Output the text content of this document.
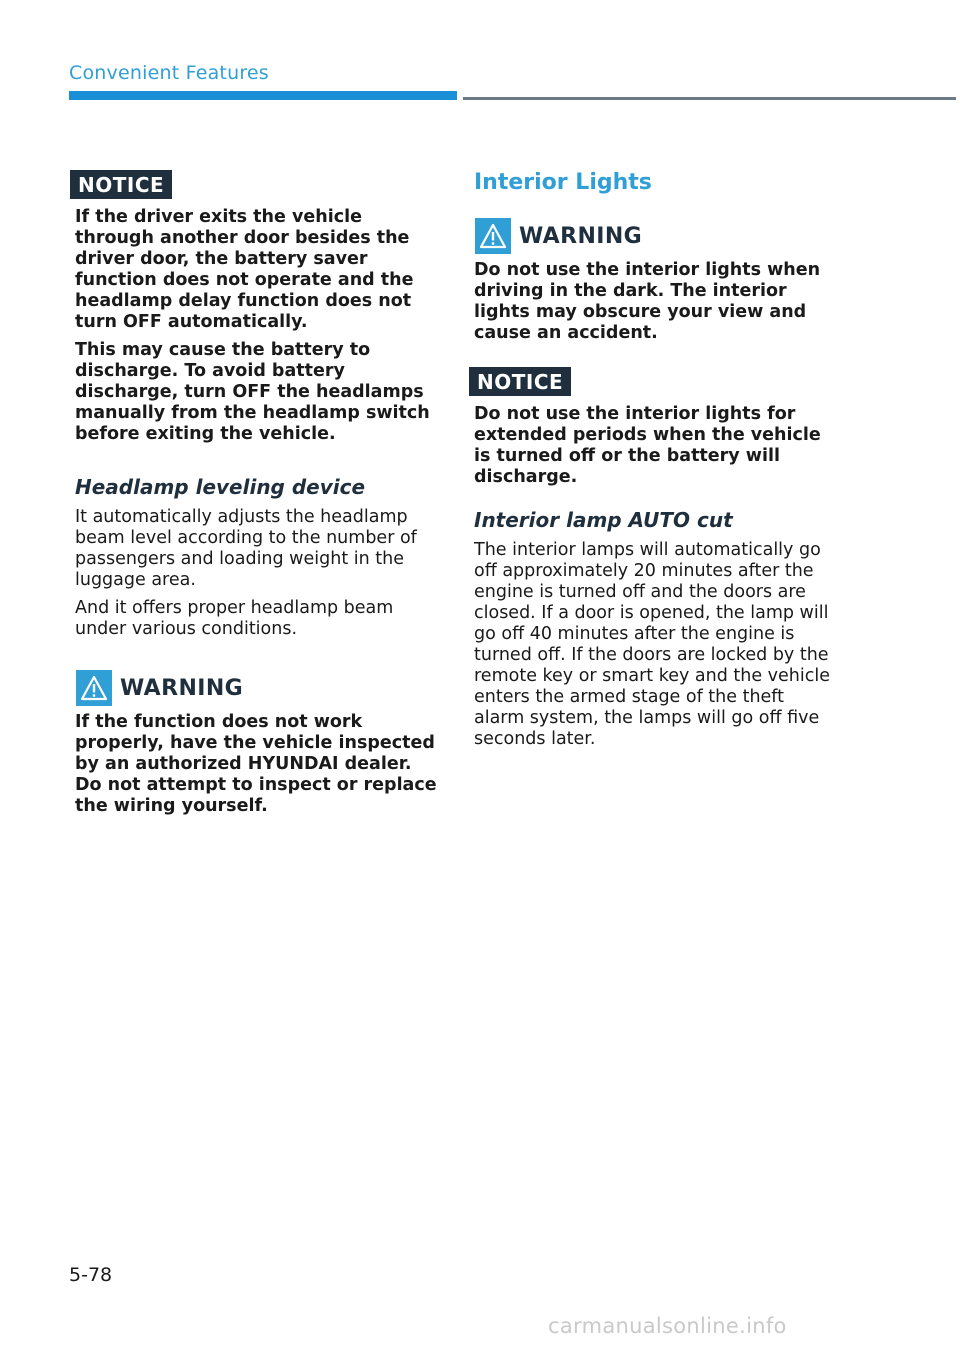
Convenient Features
NOTICE

If the driver exits the vehicle through another door besides the driver door, the battery saver function does not operate and the headlamp delay function does not turn OFF automatically.

This may cause the battery to discharge. To avoid battery discharge, turn OFF the headlamps manually from the headlamp switch before exiting the vehicle.

Headlamp leveling device

It automatically adjusts the headlamp beam level according to the number of passengers and loading weight in the luggage area.

And it offers proper headlamp beam under various conditions.

WARNING

If the function does not work properly, have the vehicle inspected by an authorized HYUNDAI dealer. Do not attempt to inspect or replace the wiring yourself.

Interior Lights
WARNING

Do not use the interior lights when driving in the dark. The interior lights may obscure your view and cause an accident.

NOTICE

Do not use the interior lights for extended periods when the vehicle is turned off or the battery will discharge.

Interior lamp AUTO cut

The interior lamps will automatically go off approximately 20 minutes after the engine is turned off and the doors are closed. If a door is opened, the lamp will go off 40 minutes after the engine is turned off. If the doors are locked by the remote key or smart key and the vehicle enters the armed stage of the theft alarm system, the lamps will go off five seconds later.

5-78
carmanualsonline.info
